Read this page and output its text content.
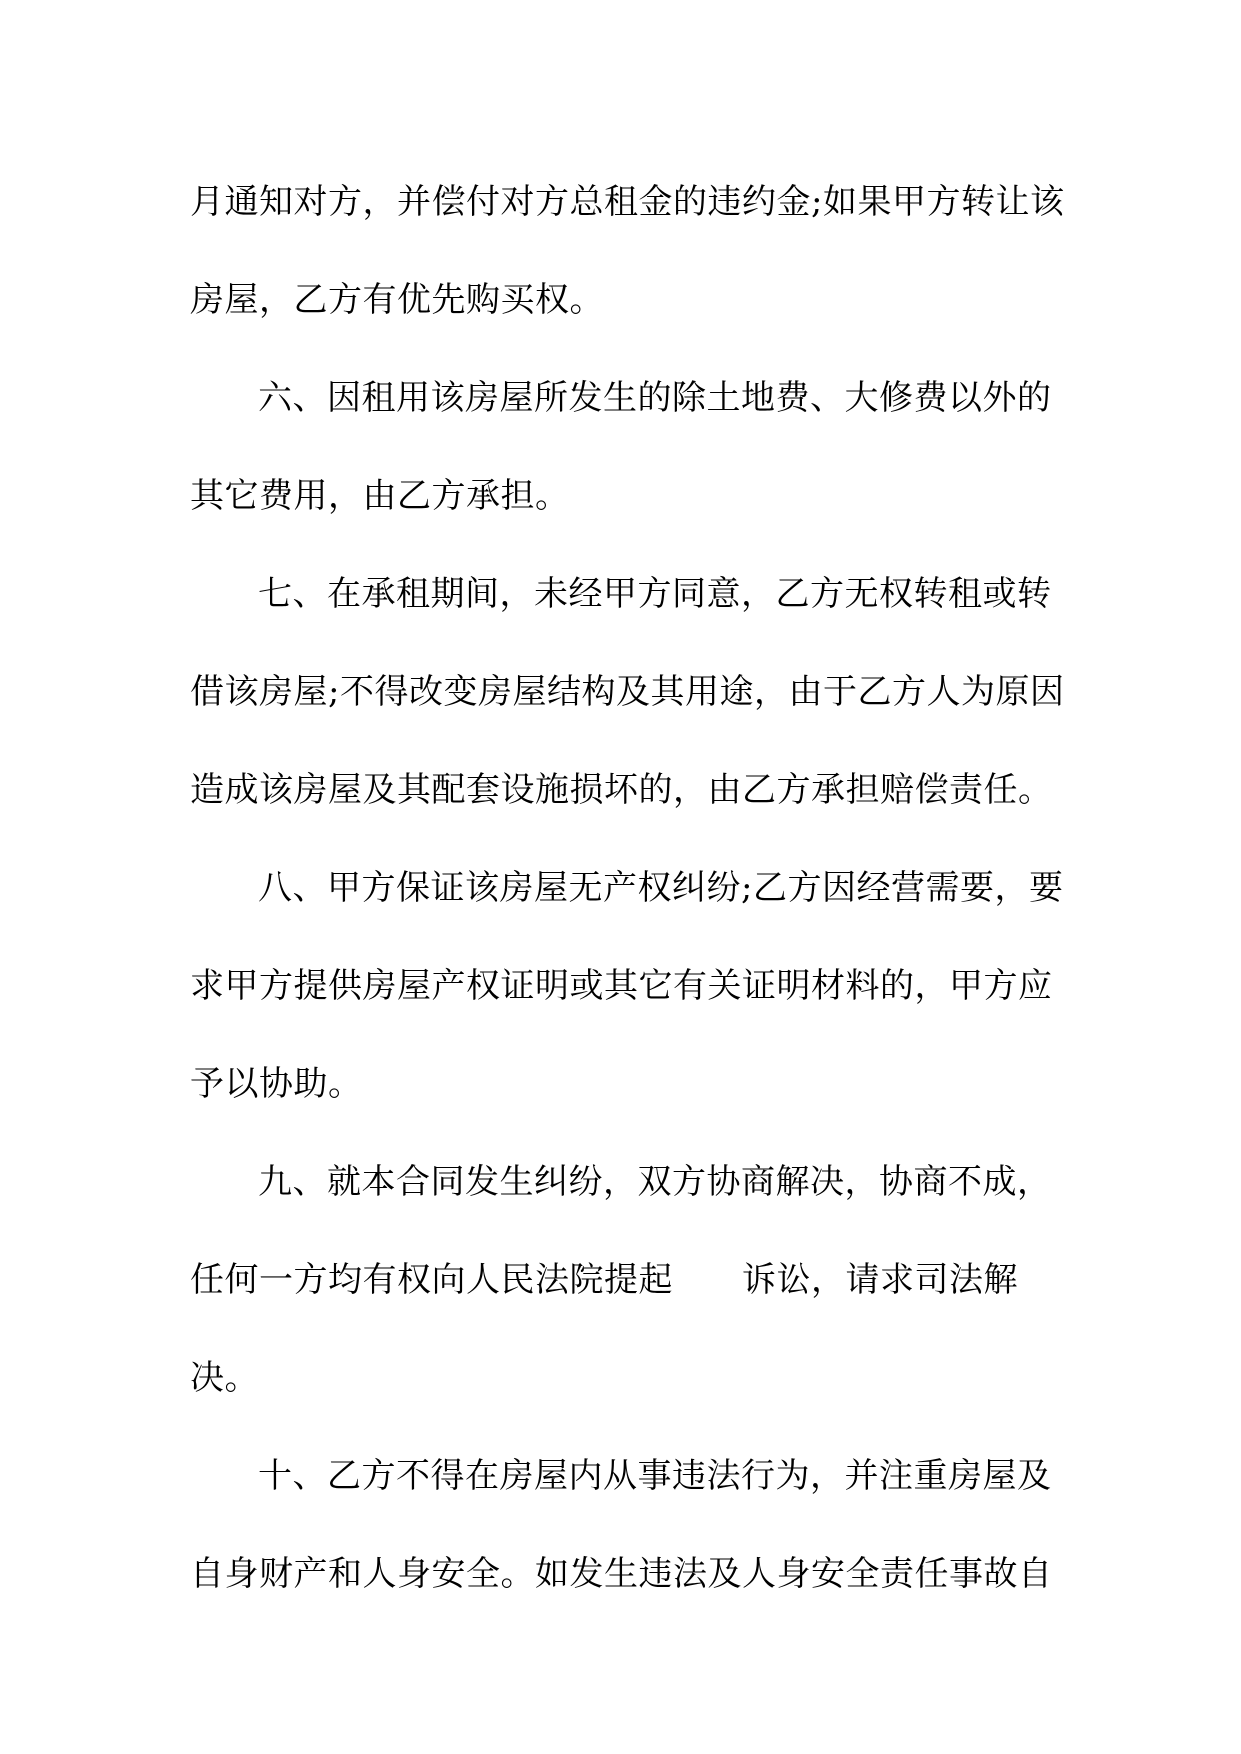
月通知对方，并偿付对方总租金的违约金;如果甲方转让该
房屋，乙方有优先购买权。
六、因租用该房屋所发生的除土地费、大修费以外的
其它费用，由乙方承担。
七、在承租期间，未经甲方同意，乙方无权转租或转
借该房屋;不得改变房屋结构及其用途，由于乙方人为原因
造成该房屋及其配套设施损坏的，由乙方承担赔偿责任。
八、甲方保证该房屋无产权纠纷;乙方因经营需要，要
求甲方提供房屋产权证明或其它有关证明材料的，甲方应
予以协助。
九、就本合同发生纠纷，双方协商解决，协商不成，
任何一方均有权向人民法院提起　　诉讼，请求司法解
决。
十、乙方不得在房屋内从事违法行为，并注重房屋及
自身财产和人身安全。如发生违法及人身安全责任事故自
